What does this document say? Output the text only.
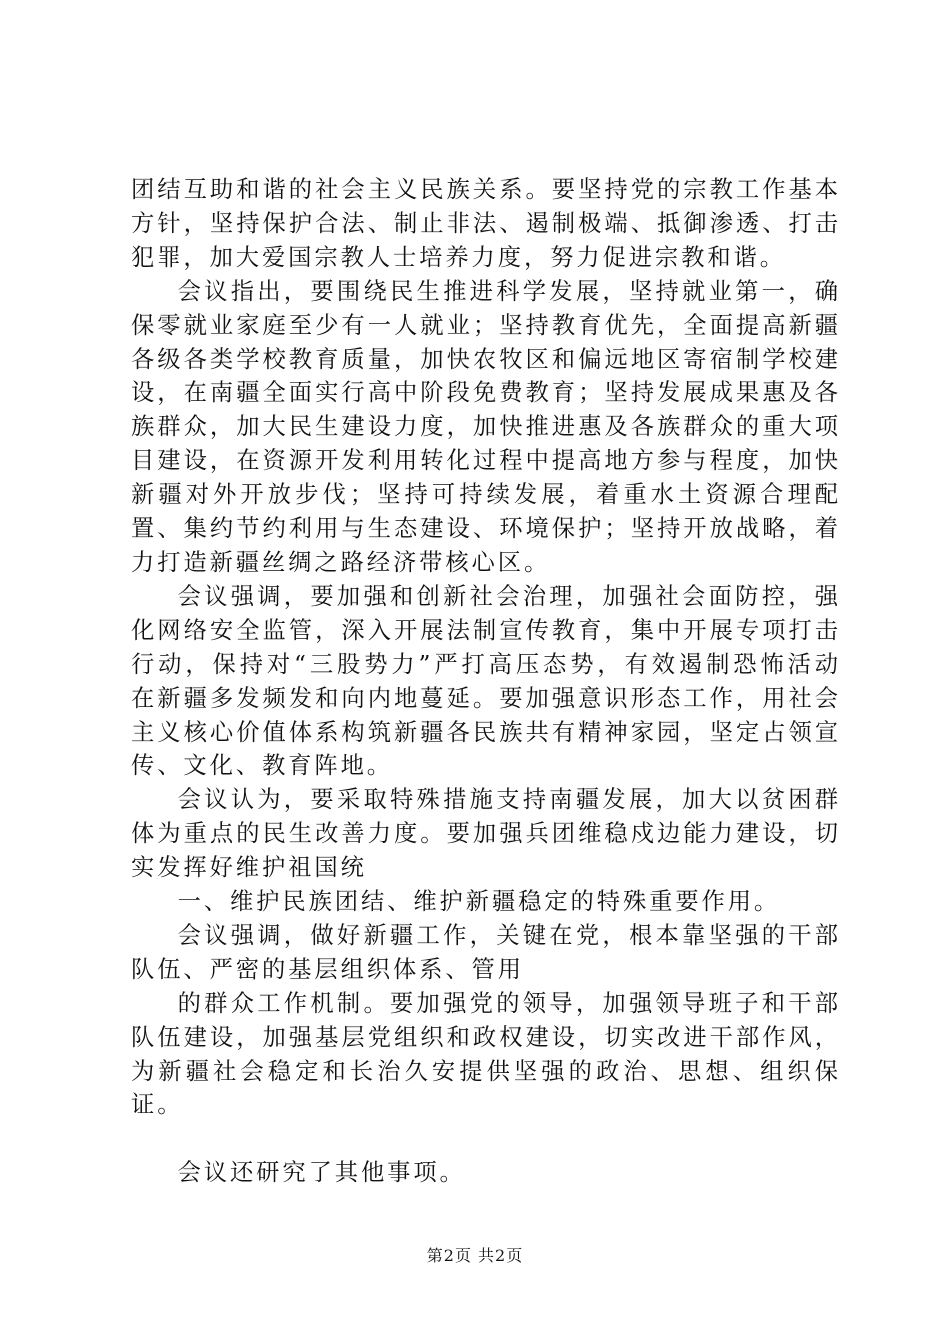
团结互助和谐的社会主义民族关系。要坚持党的宗教工作基本方针，坚持保护合法、制止非法、遏制极端、抵御渗透、打击犯罪，加大爱国宗教人士培养力度，努力促进宗教和谐。

会议指出，要围绕民生推进科学发展，坚持就业第一，确保零就业家庭至少有一人就业；坚持教育优先，全面提高新疆各级各类学校教育质量，加快农牧区和偏远地区寄宿制学校建设，在南疆全面实行高中阶段免费教育；坚持发展成果惠及各族群众，加大民生建设力度，加快推进惠及各族群众的重大项目建设，在资源开发利用转化过程中提高地方参与程度，加快新疆对外开放步伐；坚持可持续发展，着重水土资源合理配置、集约节约利用与生态建设、环境保护；坚持开放战略，着力打造新疆丝绸之路经济带核心区。

会议强调，要加强和创新社会治理，加强社会面防控，强化网络安全监管，深入开展法制宣传教育，集中开展专项打击行动，保持对“三股势力”严打高压态势，有效遏制恐怖活动在新疆多发频发和向内地蔓延。要加强意识形态工作，用社会主义核心价值体系构筑新疆各民族共有精神家园，坚定占领宣传、文化、教育阵地。

会议认为，要采取特殊措施支持南疆发展，加大以贫困群体为重点的民生改善力度。要加强兵团维稳戍边能力建设，切实发挥好维护祖国统

一、维护民族团结、维护新疆稳定的特殊重要作用。

会议强调，做好新疆工作，关键在党，根本靠坚强的干部队伍、严密的基层组织体系、管用

的群众工作机制。要加强党的领导，加强领导班子和干部队伍建设，加强基层党组织和政权建设，切实改进干部作风，为新疆社会稳定和长治久安提供坚强的政治、思想、组织保证。

会议还研究了其他事项。

第2页 共2页
